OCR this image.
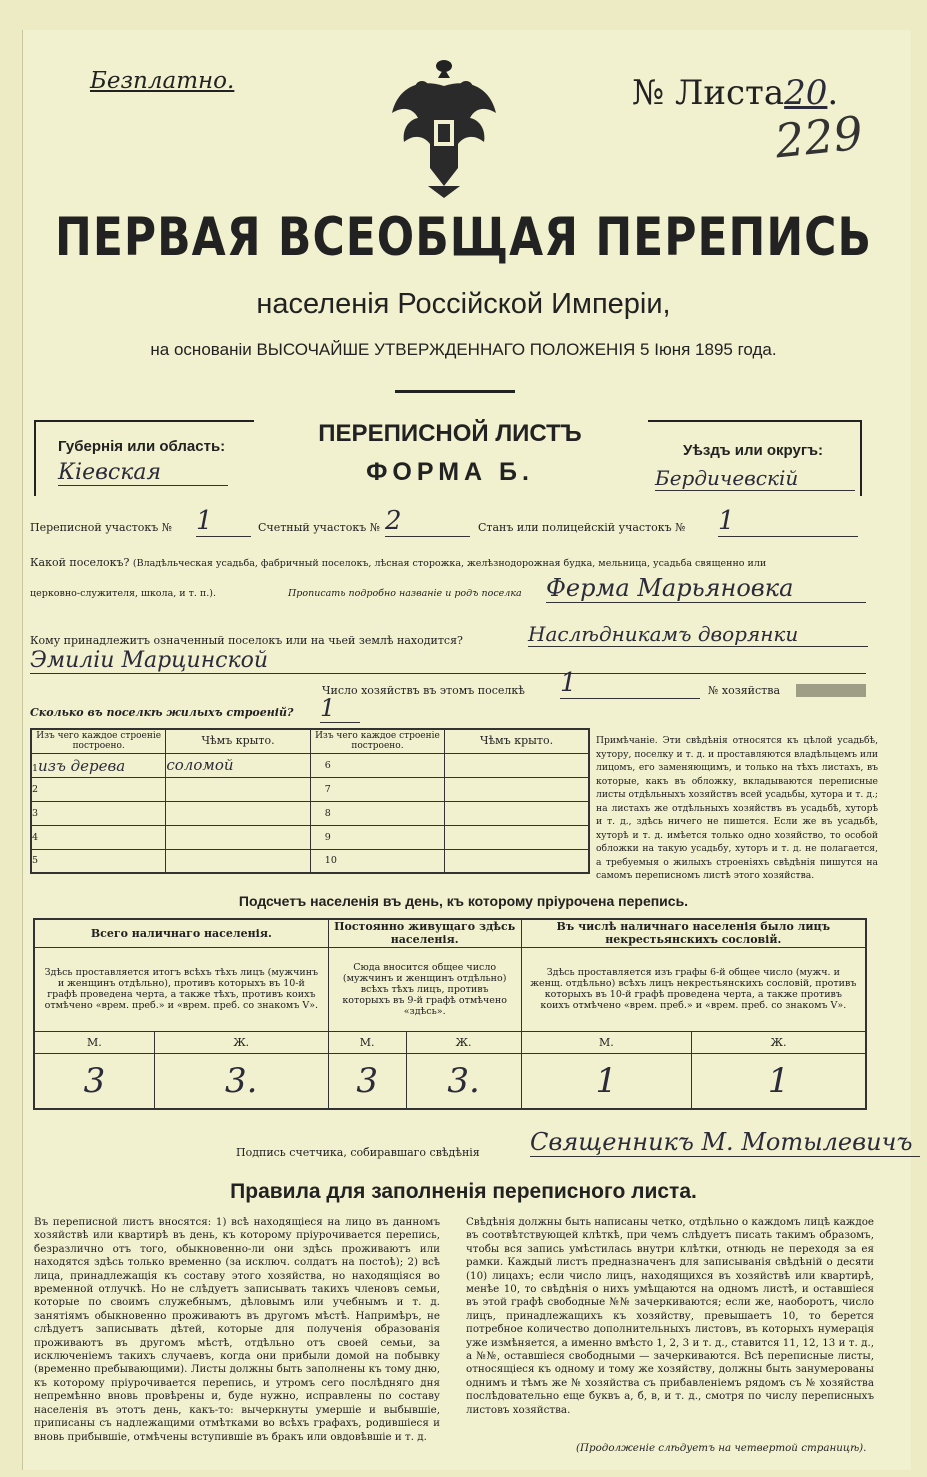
Безплатно.	№ Листа20.
229
ПЕРВАЯ ВСЕОБЩАЯ ПЕРЕПИСЬ
населенія Россійской Имперіи,
на основаніи ВЫСОЧАЙШЕ УТВЕРЖДЕННАГО ПОЛОЖЕНІЯ 5 Іюня 1895 года.
Губернія или область:
Кіевская
ПЕРЕПИСНОЙ ЛИСТЪ
ФОРМА Б.
Уѣздъ или округъ:
Бердичевскій
Переписной участокъ № 1	Счетный участокъ № 2	Станъ или полицейскій участокъ № 1
Какой поселокъ? (Владѣльческая усадьба, фабричный поселокъ, лѣсная сторожка, желѣзнодорожная будка, мельница, усадьба священно или
церковно-служителя, школа, и т. п.).	Прописать подробно названіе и родъ поселка Ферма Марьяновка
Кому принадлежитъ означенный поселокъ или на чьей землѣ находится?	Наслѣдникамъ дворянки
Эмиліи Марцинской
Число хозяйствъ въ этомъ поселкѣ 1	№ хозяйства
Сколько въ поселкѣ жилыхъ строеній? 1
Изъ чего каждое строеніе построено.	Чѣмъ крыто.	Изъ чего каждое строеніе построено.	Чѣмъ крыто.
1изъ дерева	соломой	6	
2		7	
3		8	
4		9	
5		10	
Примѣчаніе. Эти свѣдѣнія относятся къ цѣлой усадьбѣ, хутору, поселку и т. д. и проставляются владѣльцемъ или лицомъ, его заменяющимъ, и только на тѣхъ листахъ, въ которые, какъ въ обложку, вкладываются переписные листы отдѣльныхъ хозяйствъ всей усадьбы, хутора и т. д.; на листахъ же отдѣльныхъ хозяйствъ въ усадьбѣ, хуторѣ и т. д., здѣсь ничего не пишется. Если же въ усадьбѣ, хуторѣ и т. д. имѣется только одно хозяйство, то особой обложки на такую усадьбу, хуторъ и т. д. не полагается, а требуемыя о жилыхъ строеніяхъ свѣдѣнія пишутся на самомъ переписномъ листѣ этого хозяйства.
Подсчетъ населенія въ день, къ которому пріурочена перепись.
Всего наличнаго населенія.		Постоянно живущаго здѣсь населенія.		Въ числѣ наличнаго населенія было лицъ некрестьянскихъ сословій.	
Здѣсь проставляется итогъ всѣхъ тѣхъ лицъ (мужчинъ и женщинъ отдѣльно), противъ которыхъ въ 10-й графѣ проведена черта, а также тѣхъ, противъ коихъ отмѣчено «врем. преб.» и «врем. преб. со знакомъ V».		Сюда вносится общее число (мужчинъ и женщинъ отдѣльно) всѣхъ тѣхъ лицъ, противъ которыхъ въ 9-й графѣ отмѣчено «здѣсь».		Здѣсь проставляется изъ графы 6-й общее число (мужч. и женщ. отдѣльно) всѣхъ лицъ некрестьянскихъ сословій, противъ которыхъ въ 10-й графѣ проведена черта, а также противъ коихъ отмѣчено «врем. преб.» и «врем. преб. со знакомъ V».	
М.	Ж.	М.	Ж.	М.	Ж.
3	3.	3	3.	1	1
Подпись счетчика, собиравшаго свѣдѣнія Священникъ М. Мотылевичъ
Правила для заполненія переписного листа.
Въ переписной листъ вносятся: 1) всѣ находящіеся на лицо въ данномъ хозяйствѣ или квартирѣ въ день, къ которому пріурочивается перепись, безразлично отъ того, обыкновенно-ли они здѣсь проживаютъ или находятся здѣсь только временно (за исключ. солдатъ на постоѣ); 2) всѣ лица, принадлежащія къ составу этого хозяйства, но находящіяся во временной отлучкѣ. Но не слѣдуетъ записывать такихъ членовъ семьи, которые по своимъ служебнымъ, дѣловымъ или учебнымъ и т. д. занятіямъ обыкновенно проживаютъ въ другомъ мѣстѣ. Напримѣръ, не слѣдуетъ записывать дѣтей, которые для полученія образованія проживаютъ въ другомъ мѣстѣ, отдѣльно отъ своей семьи, за исключеніемъ такихъ случаевъ, когда они прибыли домой на побывку (временно пребывающими). Листы должны быть заполнены къ тому дню, къ которому пріурочивается перепись, и утромъ сего послѣдняго дня непремѣнно вновь провѣрены и, буде нужно, исправлены по составу населенія въ этотъ день, какъ-то: вычеркнуты умершіе и выбывшіе, приписаны съ надлежащими отмѣтками во всѣхъ графахъ, родившіеся и вновь прибывшіе, отмѣчены вступившіе въ бракъ или овдовѣвшіе и т. д.
Свѣдѣнія должны быть написаны четко, отдѣльно о каждомъ лицѣ каждое въ соотвѣтствующей клѣткѣ, при чемъ слѣдуетъ писать такимъ образомъ, чтобы вся запись умѣстилась внутри клѣтки, отнюдь не переходя за ея рамки. Каждый листъ предназначенъ для записыванія свѣдѣній о десяти (10) лицахъ; если число лицъ, находящихся въ хозяйствѣ или квартирѣ, менѣе 10, то свѣдѣнія о нихъ умѣщаются на одномъ листѣ, и оставшіеся въ этой графѣ свободные №№ зачеркиваются; если же, наоборотъ, число лицъ, принадлежащихъ къ хозяйству, превышаетъ 10, то берется потребное количество дополнительныхъ листовъ, въ которыхъ нумерація уже измѣняется, а именно вмѣсто 1, 2, 3 и т. д., ставится 11, 12, 13 и т. д., а №№, оставшіеся свободными — зачеркиваются. Всѣ переписные листы, относящіеся къ одному и тому же хозяйству, должны быть занумерованы однимъ и тѣмъ же № хозяйства съ прибавленіемъ рядомъ съ № хозяйства послѣдовательно еще буквъ а, б, в, и т. д., смотря по числу переписныхъ листовъ хозяйства.
(Продолженіе слѣдуетъ на четвертой страницѣ).
